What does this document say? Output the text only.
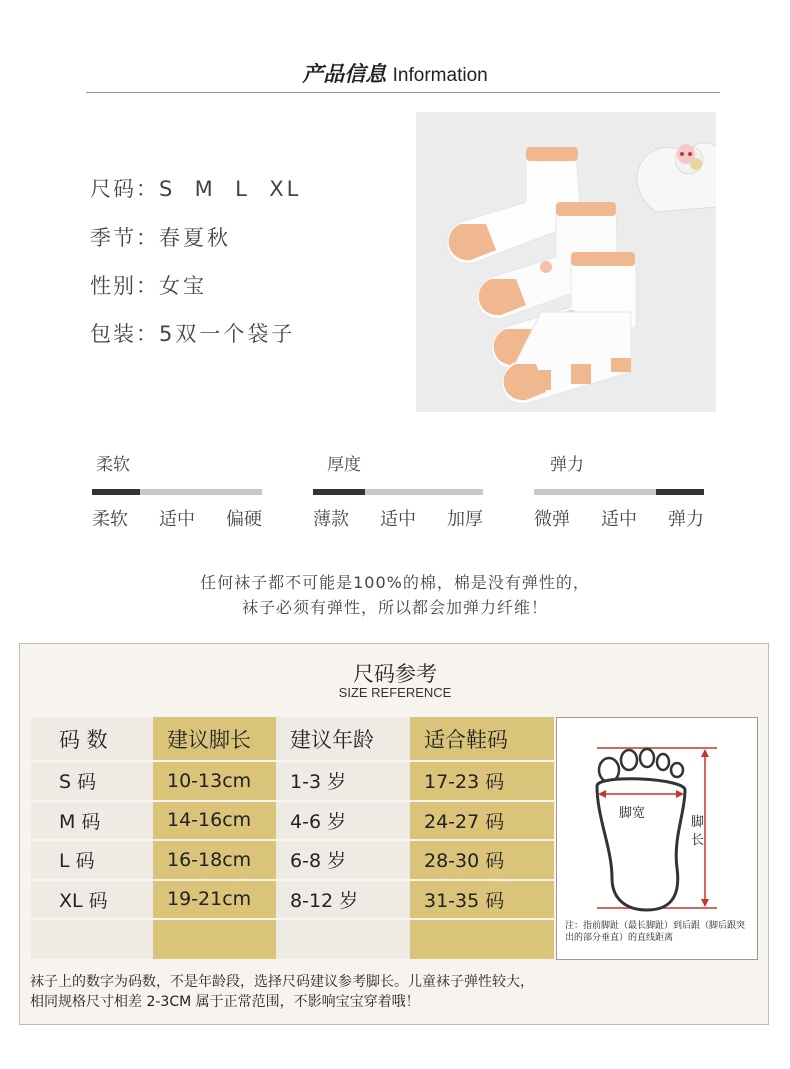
产品信息 Information
尺码：S  M  L  XL
季节：春夏秋
性别：女宝
包装：5双一个袋子
柔软
柔软 适中 偏硬
厚度
薄款 适中 加厚
弹力
微弹 适中 弹力
任何袜子都不可能是100%的棉，棉是没有弹性的，
袜子必须有弹性，所以都会加弹力纤维！
尺码参考
SIZE REFERENCE
码 数	建议脚长	建议年龄	适合鞋码
S 码	10-13cm	1-3 岁	17-23 码
M 码	14-16cm	4-6 岁	24-27 码
L 码	16-18cm	6-8 岁	28-30 码
XL 码	19-21cm	8-12 岁	31-35 码

脚宽
脚
长
注：指前脚趾（最长脚趾）到后跟（脚后跟突出的部分垂直）的直线距离
袜子上的数字为码数，不是年龄段，选择尺码建议参考脚长。儿童袜子弹性较大，
相同规格尺寸相差 2-3CM 属于正常范围，不影响宝宝穿着哦！
